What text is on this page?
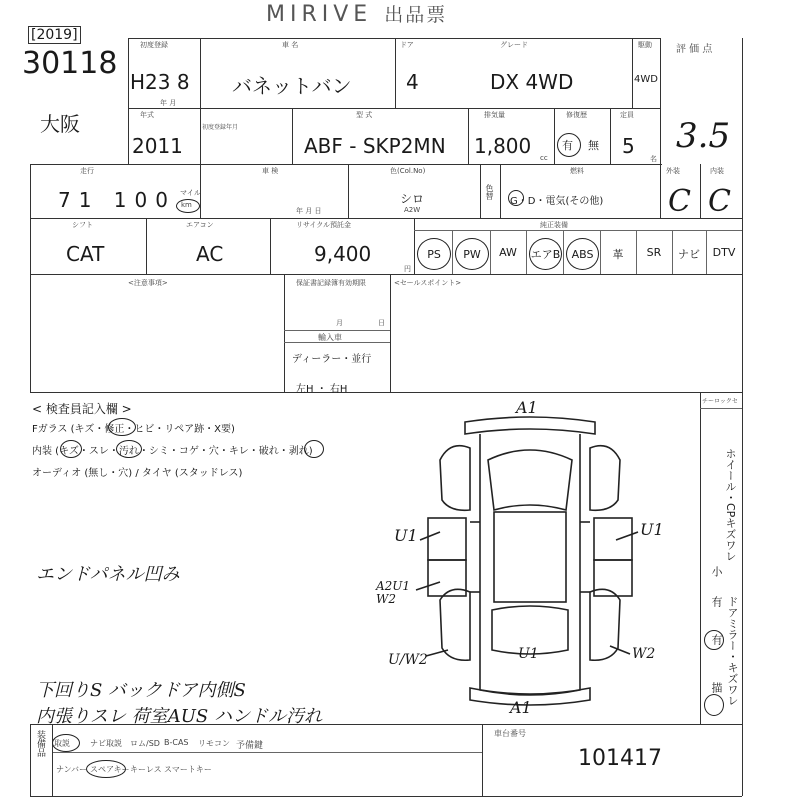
MIRIVE 出品票
[2019]
30118
大阪
初度登録
H23 8
年 月
車 名
バネットバン
ドア
4
グレード
DX 4WD
駆動
4WD
評 価 点
3.5
年式
2011
初度登録年月
型 式
ABF - SKP2MN
排気量
1,800 cc
修復歴
有 無
定員
5
名
走行
71 100 マイル
km
車 検
年 月 日
色(Col.No)
シロ
A2W
色替
燃料
G・D・電気(その他)
外装
C
内装
C
シフト
CAT
エアコン
AC
リサイクル預託金
9,400
円
純正装備
PS	PW	AW	エアB	ABS	革	SR	ナビ	DTV
<注意事項>	保証書記録簿有効期限
月	日
輸入車
ディーラー・並行
左H ・ 右H
<セールスポイント>
< 検査員記入欄 >
Fガラス (キズ・修正・ヒビ・リペア跡・X要)
内装 (キズ・スレ・汚れ・シミ・コゲ・穴・キレ・破れ・剥れ)
オーディオ (無し・穴) / タイヤ (スタッドレス)
エンドパネル凹み
下回りS バックドア内側S
内張りスレ 荷室AUS ハンドル汚れ
チーロックセ
ホイール・CPキズワレ
小
有 ドアミラー・キズワレ
有
描
A1
A1
U1	U1
A2U1 W2
U/W2	W2
U1
装備品 取説	ナビ取説 ロム/SD B-CAS リモコン
ナンバー スペアキー キーレス スマートキー
予備鍵
車台番号
101417
